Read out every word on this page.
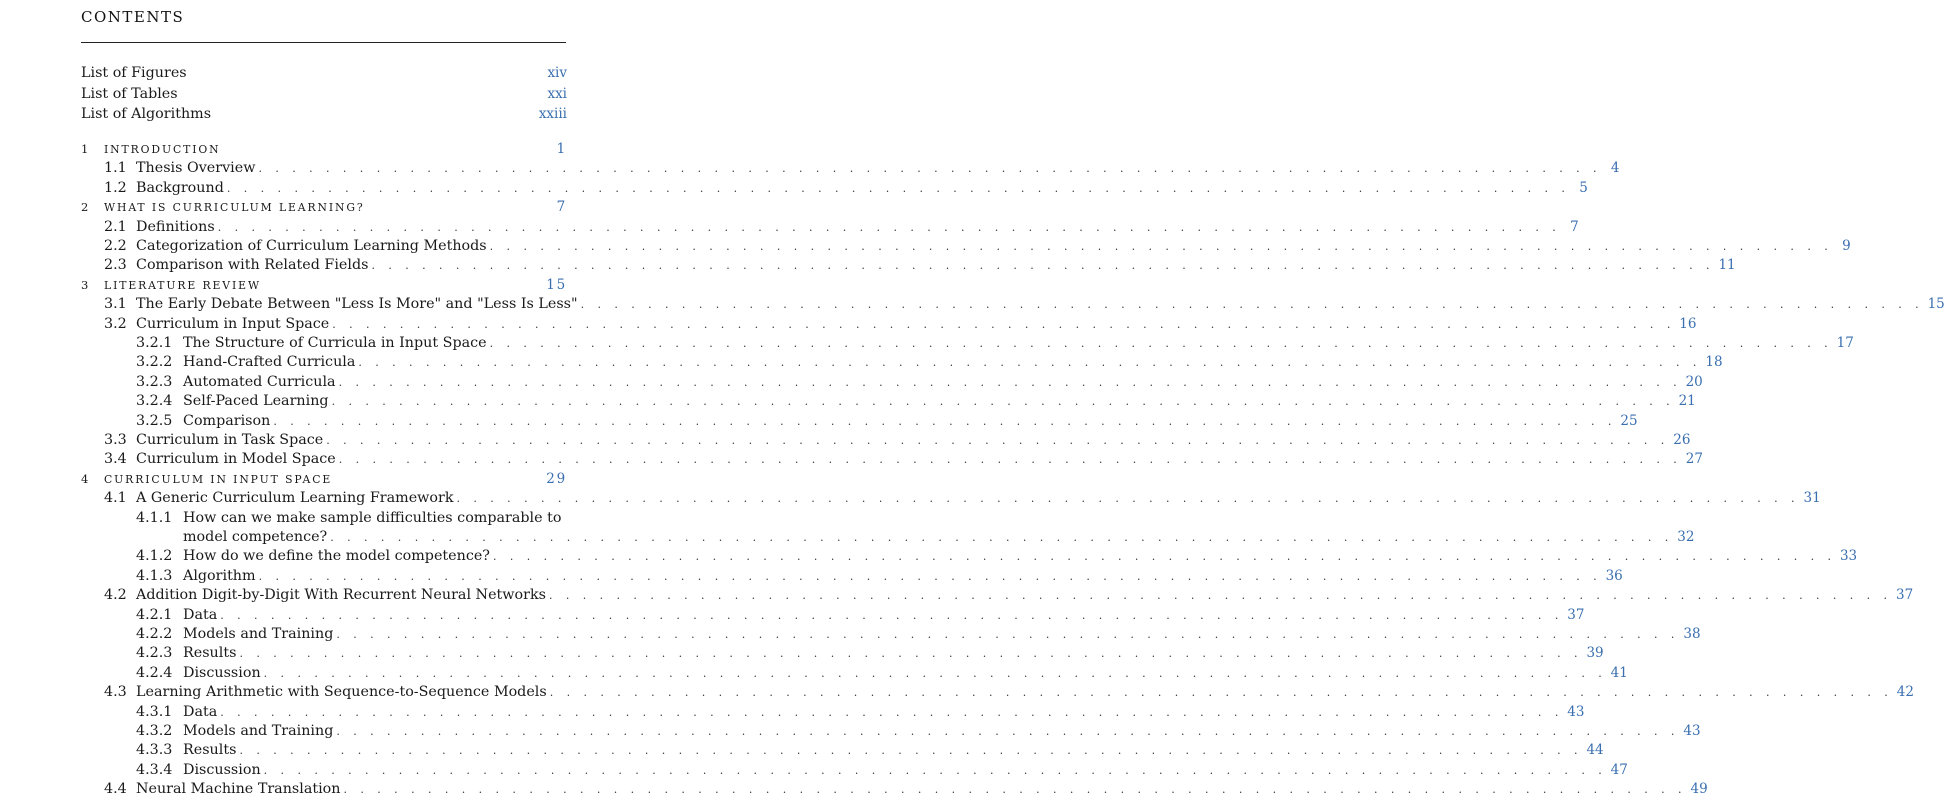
CONTENTS
List of Figures	xiv
List of Tables	xxi
List of Algorithms	xxiii
1	INTRODUCTION	1
1.1 Thesis Overview . . . . . . . . . . . . . . . . . . . . . . . . . . . . . . . . . . . . . . . . . . . . . . . . . . . . . . . . . . . . . . . . . . . . . . . . . . . . . . . . 4
1.2 Background . . . . . . . . . . . . . . . . . . . . . . . . . . . . . . . . . . . . . . . . . . . . . . . . . . . . . . . . . . . . . . . . . . . . . . . . . . . . . . . . 5
2	WHAT IS CURRICULUM LEARNING?	7
2.1 Definitions . . . . . . . . . . . . . . . . . . . . . . . . . . . . . . . . . . . . . . . . . . . . . . . . . . . . . . . . . . . . . . . . . . . . . . . . . . . . . . . . 7
2.2 Categorization of Curriculum Learning Methods . . . . . . . . . . . . . . . . . . . . . . . . . . . . . . . . . . . . . . . . . . . . . . . . . . . . . . . . . . . . . . . . . . . . . . . . . . . . . . . . 9
2.3 Comparison with Related Fields . . . . . . . . . . . . . . . . . . . . . . . . . . . . . . . . . . . . . . . . . . . . . . . . . . . . . . . . . . . . . . . . . . . . . . . . . . . . . . . . 11
3	LITERATURE REVIEW	15
3.1 The Early Debate Between "Less Is More" and "Less Is Less" . . . . . . . . . . . . . . . . . . . . . . . . . . . . . . . . . . . . . . . . . . . . . . . . . . . . . . . . . . . . . . . . . . . . . . . . . . . . . . . . 15
3.2 Curriculum in Input Space . . . . . . . . . . . . . . . . . . . . . . . . . . . . . . . . . . . . . . . . . . . . . . . . . . . . . . . . . . . . . . . . . . . . . . . . . . . . . . . . 16
3.2.1 The Structure of Curricula in Input Space . . . . . . . . . . . . . . . . . . . . . . . . . . . . . . . . . . . . . . . . . . . . . . . . . . . . . . . . . . . . . . . . . . . . . . . . . . . . . . . . 17
3.2.2 Hand-Crafted Curricula . . . . . . . . . . . . . . . . . . . . . . . . . . . . . . . . . . . . . . . . . . . . . . . . . . . . . . . . . . . . . . . . . . . . . . . . . . . . . . . . 18
3.2.3 Automated Curricula . . . . . . . . . . . . . . . . . . . . . . . . . . . . . . . . . . . . . . . . . . . . . . . . . . . . . . . . . . . . . . . . . . . . . . . . . . . . . . . . 20
3.2.4 Self-Paced Learning . . . . . . . . . . . . . . . . . . . . . . . . . . . . . . . . . . . . . . . . . . . . . . . . . . . . . . . . . . . . . . . . . . . . . . . . . . . . . . . . 21
3.2.5 Comparison . . . . . . . . . . . . . . . . . . . . . . . . . . . . . . . . . . . . . . . . . . . . . . . . . . . . . . . . . . . . . . . . . . . . . . . . . . . . . . . . 25
3.3 Curriculum in Task Space . . . . . . . . . . . . . . . . . . . . . . . . . . . . . . . . . . . . . . . . . . . . . . . . . . . . . . . . . . . . . . . . . . . . . . . . . . . . . . . . 26
3.4 Curriculum in Model Space . . . . . . . . . . . . . . . . . . . . . . . . . . . . . . . . . . . . . . . . . . . . . . . . . . . . . . . . . . . . . . . . . . . . . . . . . . . . . . . . 27
4	CURRICULUM IN INPUT SPACE	29
4.1 A Generic Curriculum Learning Framework . . . . . . . . . . . . . . . . . . . . . . . . . . . . . . . . . . . . . . . . . . . . . . . . . . . . . . . . . . . . . . . . . . . . . . . . . . . . . . . . 31
4.1.1 How can we make sample difficulties comparable to
model competence? . . . . . . . . . . . . . . . . . . . . . . . . . . . . . . . . . . . . . . . . . . . . . . . . . . . . . . . . . . . . . . . . . . . . . . . . . . . . . . . . 32
4.1.2 How do we define the model competence? . . . . . . . . . . . . . . . . . . . . . . . . . . . . . . . . . . . . . . . . . . . . . . . . . . . . . . . . . . . . . . . . . . . . . . . . . . . . . . . . 33
4.1.3 Algorithm . . . . . . . . . . . . . . . . . . . . . . . . . . . . . . . . . . . . . . . . . . . . . . . . . . . . . . . . . . . . . . . . . . . . . . . . . . . . . . . . 36
4.2 Addition Digit-by-Digit With Recurrent Neural Networks . . . . . . . . . . . . . . . . . . . . . . . . . . . . . . . . . . . . . . . . . . . . . . . . . . . . . . . . . . . . . . . . . . . . . . . . . . . . . . . . 37
4.2.1 Data . . . . . . . . . . . . . . . . . . . . . . . . . . . . . . . . . . . . . . . . . . . . . . . . . . . . . . . . . . . . . . . . . . . . . . . . . . . . . . . . 37
4.2.2 Models and Training . . . . . . . . . . . . . . . . . . . . . . . . . . . . . . . . . . . . . . . . . . . . . . . . . . . . . . . . . . . . . . . . . . . . . . . . . . . . . . . . 38
4.2.3 Results . . . . . . . . . . . . . . . . . . . . . . . . . . . . . . . . . . . . . . . . . . . . . . . . . . . . . . . . . . . . . . . . . . . . . . . . . . . . . . . . 39
4.2.4 Discussion . . . . . . . . . . . . . . . . . . . . . . . . . . . . . . . . . . . . . . . . . . . . . . . . . . . . . . . . . . . . . . . . . . . . . . . . . . . . . . . . 41
4.3 Learning Arithmetic with Sequence-to-Sequence Models . . . . . . . . . . . . . . . . . . . . . . . . . . . . . . . . . . . . . . . . . . . . . . . . . . . . . . . . . . . . . . . . . . . . . . . . . . . . . . . . 42
4.3.1 Data . . . . . . . . . . . . . . . . . . . . . . . . . . . . . . . . . . . . . . . . . . . . . . . . . . . . . . . . . . . . . . . . . . . . . . . . . . . . . . . . 43
4.3.2 Models and Training . . . . . . . . . . . . . . . . . . . . . . . . . . . . . . . . . . . . . . . . . . . . . . . . . . . . . . . . . . . . . . . . . . . . . . . . . . . . . . . . 43
4.3.3 Results . . . . . . . . . . . . . . . . . . . . . . . . . . . . . . . . . . . . . . . . . . . . . . . . . . . . . . . . . . . . . . . . . . . . . . . . . . . . . . . . 44
4.3.4 Discussion . . . . . . . . . . . . . . . . . . . . . . . . . . . . . . . . . . . . . . . . . . . . . . . . . . . . . . . . . . . . . . . . . . . . . . . . . . . . . . . . 47
4.4 Neural Machine Translation . . . . . . . . . . . . . . . . . . . . . . . . . . . . . . . . . . . . . . . . . . . . . . . . . . . . . . . . . . . . . . . . . . . . . . . . . . . . . . . . 49
